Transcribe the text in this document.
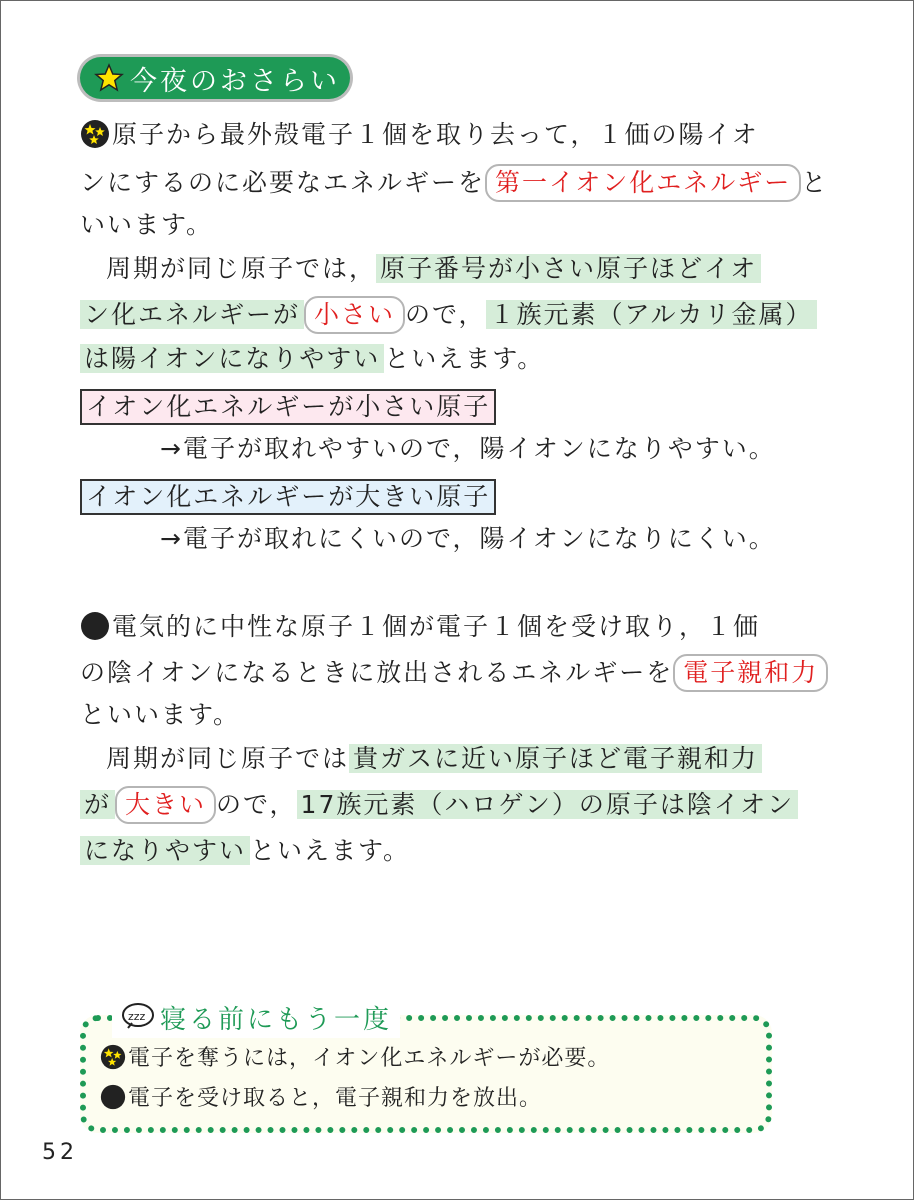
今夜のおさらい
原子から最外殻電子１個を取り去って，１価の陽イオ
ンにするのに必要なエネルギーを 第一イオン化エネルギー と
いいます。
周期が同じ原子では， 原子番号が小さい原子ほどイオ
ン化エネルギーが 小さい ので， １族元素（アルカリ金属）
は陽イオンになりやすい といえます。
イオン化エネルギーが小さい原子
→電子が取れやすいので，陽イオンになりやすい。
イオン化エネルギーが大きい原子
→電子が取れにくいので，陽イオンになりにくい。
電気的に中性な原子１個が電子１個を受け取り，１価
の陰イオンになるときに放出されるエネルギーを 電子親和力
といいます。
周期が同じ原子では 貴ガスに近い原子ほど電子親和力
が 大きい ので， 17族元素（ハロゲン）の原子は陰イオン
になりやすい といえます。
zzz 寝る前にもう一度
電子を奪うには，イオン化エネルギーが必要。
電子を受け取ると，電子親和力を放出。
52
